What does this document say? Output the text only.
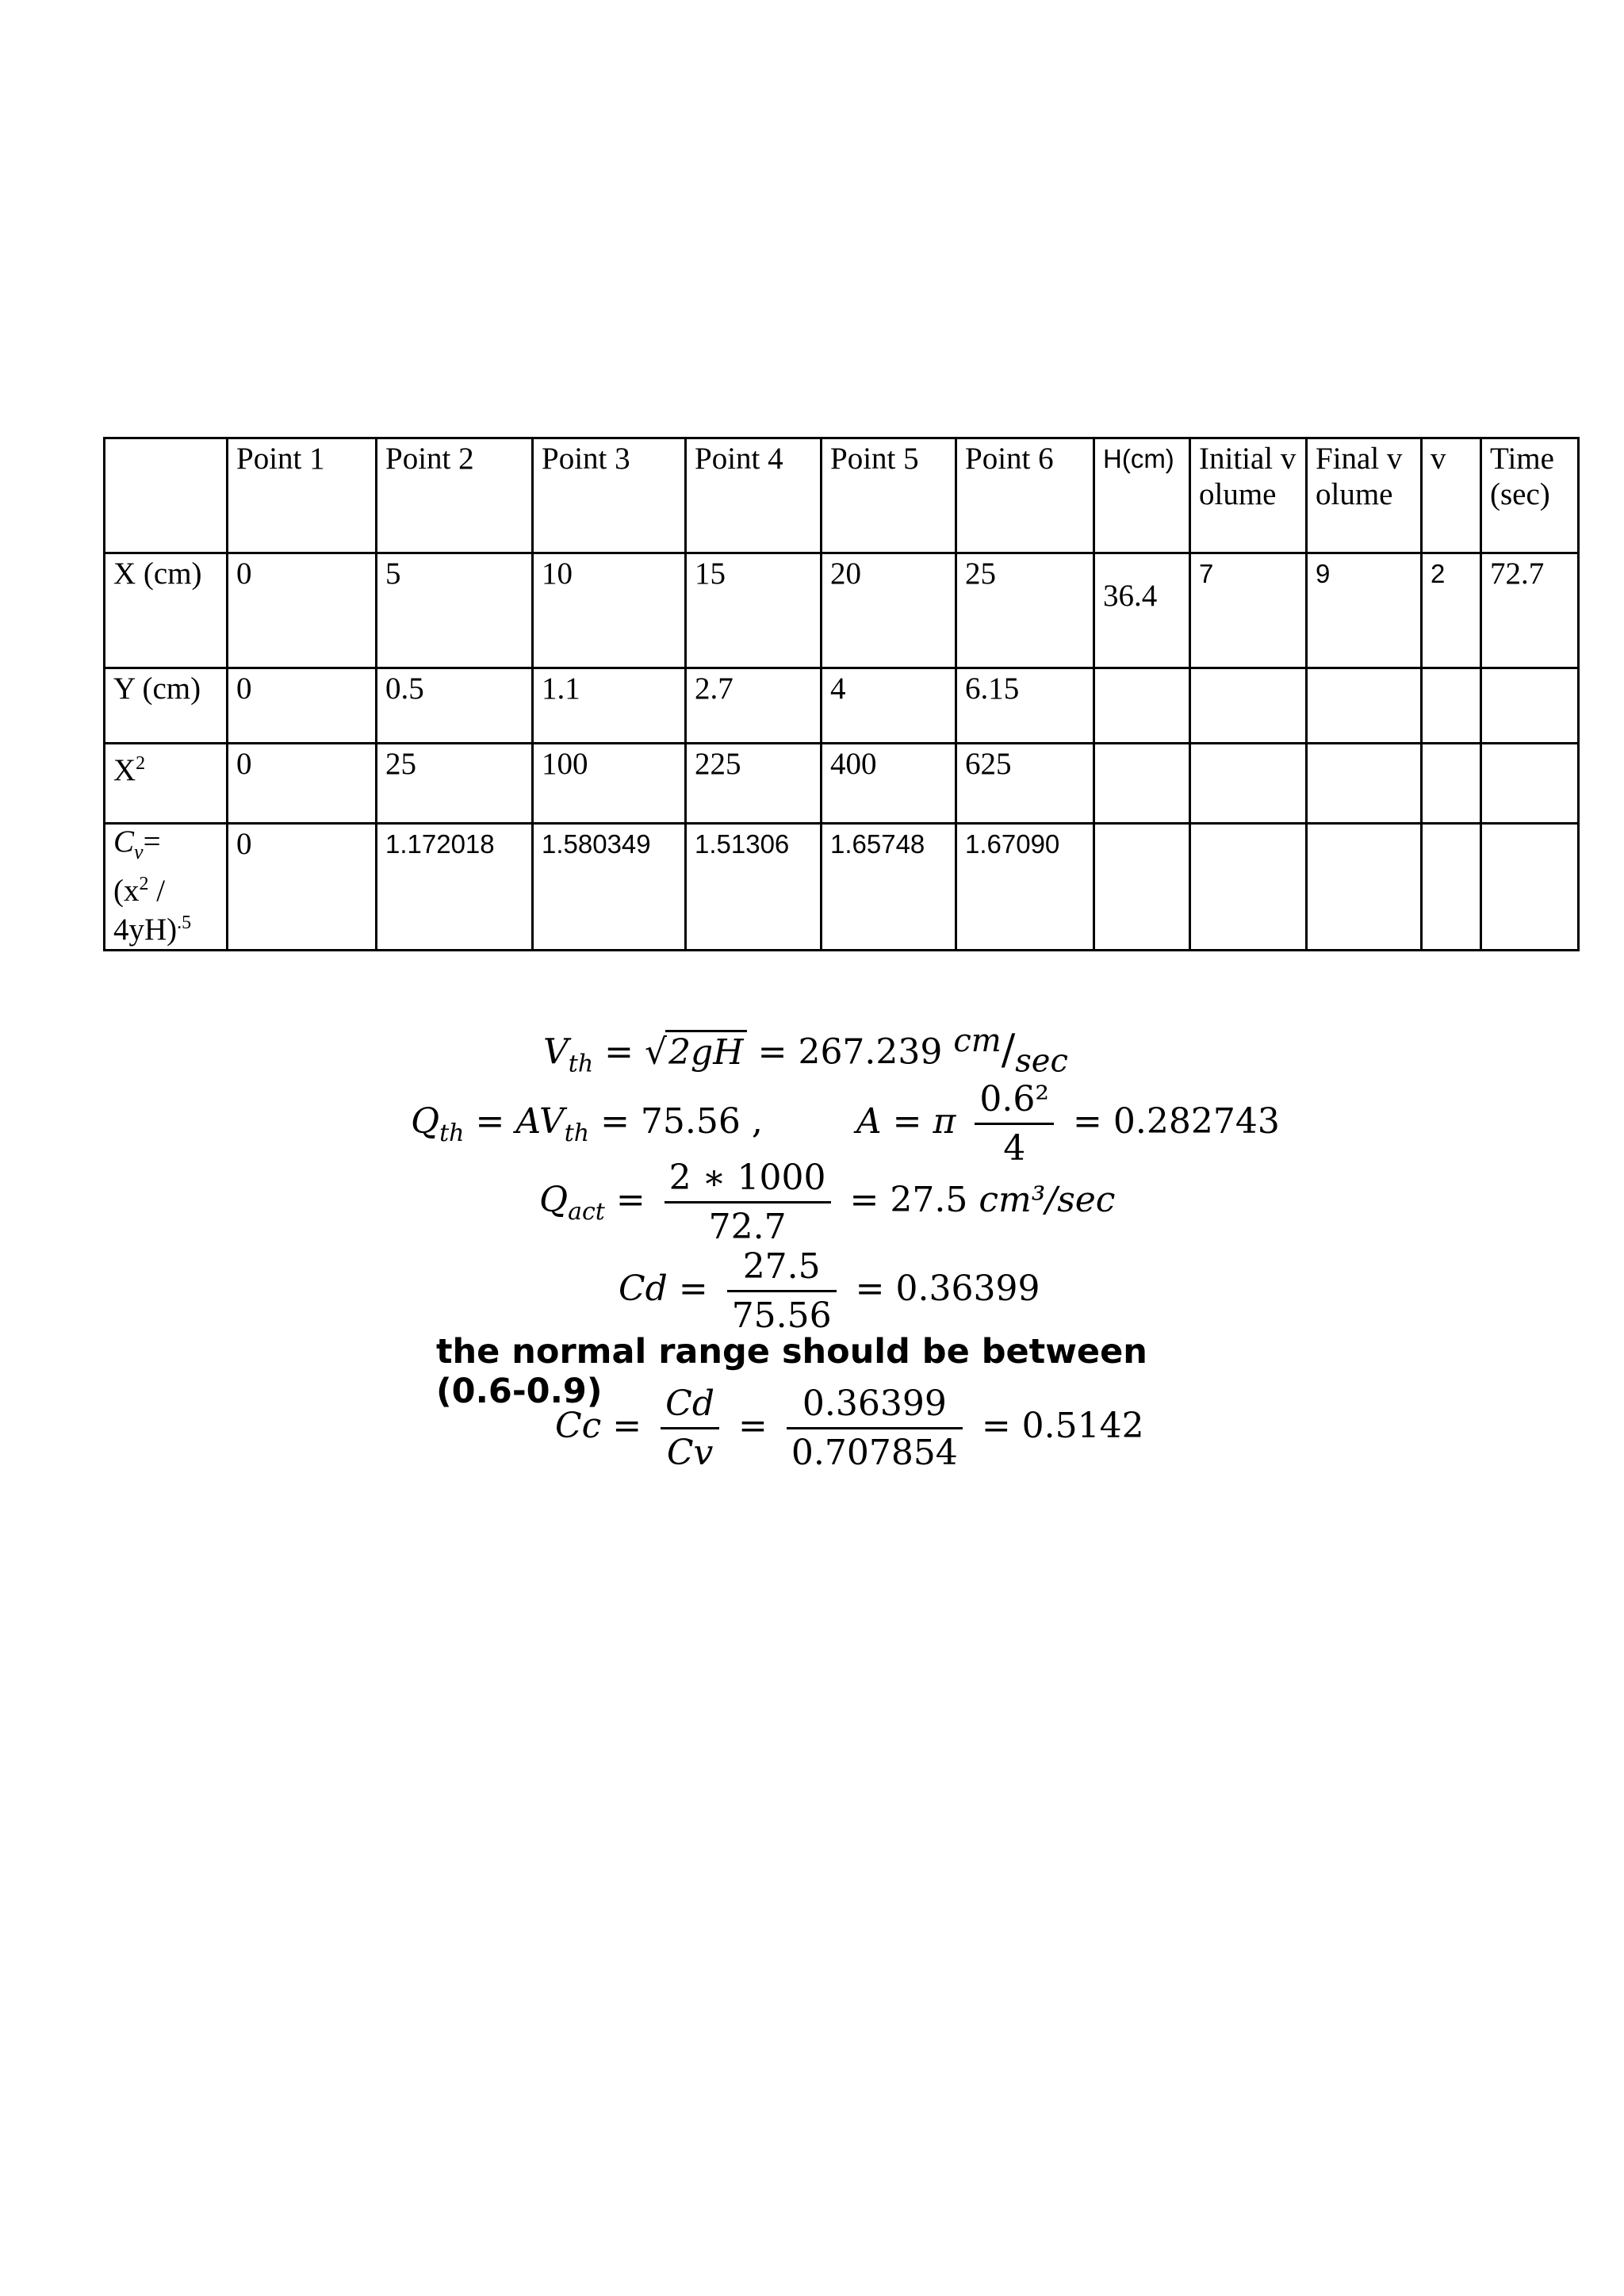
	Point 1	Point 2	Point 3	Point 4	Point 5	Point 6	H(cm)	Initial volume	Final volume	v	Time (sec)
X (cm)	0	5	10	15	20	25	36.4	7	9	2	72.7
Y (cm)	0	0.5	1.1	2.7	4	6.15					
$X^2$	0	25	100	225	400	625					
$C_v=$
($x^2$ /
4yH)$^{.5}$	0	1.172018	1.580349	1.51306	1.65748	1.67090					
$V_{th} = √2gH = 267.239$ $^{cm}/_{sec}$
$Q_{th} = AV_{th} = 75.56$ ,	A = π $\frac{\text{0.6²}}{4} = 0.282743$
$Q_{act} = \frac{2 ∗ 1000}{72.7} = 27.5$ cm³/sec
$Cd = \frac{27.5}{75.56} = 0.36399$
the normal range should be between (0.6-0.9)
$Cc = \frac{Cd}{Cv} = \frac{0.36399}{0.707854} = 0.5142$
